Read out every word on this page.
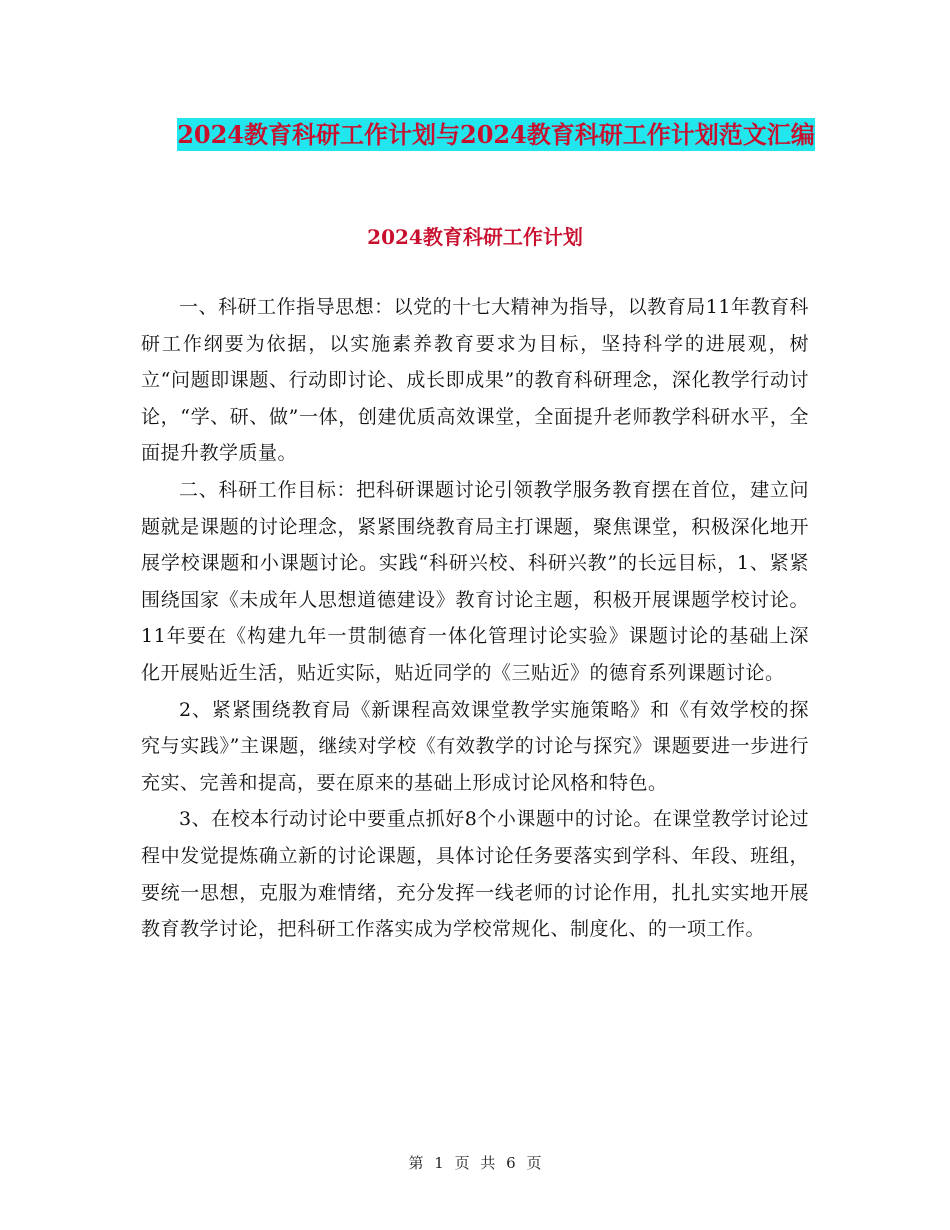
2024教育科研工作计划与2024教育科研工作计划范文汇编
2024教育科研工作计划

一、科研工作指导思想：以党的十七大精神为指导，以教育局11年教育科研工作纲要为依据，以实施素养教育要求为目标，坚持科学的进展观，树立“问题即课题、行动即讨论、成长即成果”的教育科研理念，深化教学行动讨论，“学、研、做”一体，创建优质高效课堂，全面提升老师教学科研水平，全面提升教学质量。

二、科研工作目标：把科研课题讨论引领教学服务教育摆在首位，建立问题就是课题的讨论理念，紧紧围绕教育局主打课题，聚焦课堂，积极深化地开展学校课题和小课题讨论。实践“科研兴校、科研兴教”的长远目标，1、紧紧围绕国家《未成年人思想道德建设》教育讨论主题，积极开展课题学校讨论。11年要在《构建九年一贯制德育一体化管理讨论实验》课题讨论的基础上深化开展贴近生活，贴近实际，贴近同学的《三贴近》的德育系列课题讨论。

2、紧紧围绕教育局《新课程高效课堂教学实施策略》和《有效学校的探究与实践》”主课题，继续对学校《有效教学的讨论与探究》课题要进一步进行充实、完善和提高，要在原来的基础上形成讨论风格和特色。

3、在校本行动讨论中要重点抓好8个小课题中的讨论。在课堂教学讨论过程中发觉提炼确立新的讨论课题，具体讨论任务要落实到学科、年段、班组，要统一思想，克服为难情绪，充分发挥一线老师的讨论作用，扎扎实实地开展教育教学讨论，把科研工作落实成为学校常规化、制度化、的一项工作。

第 1 页 共 6 页
